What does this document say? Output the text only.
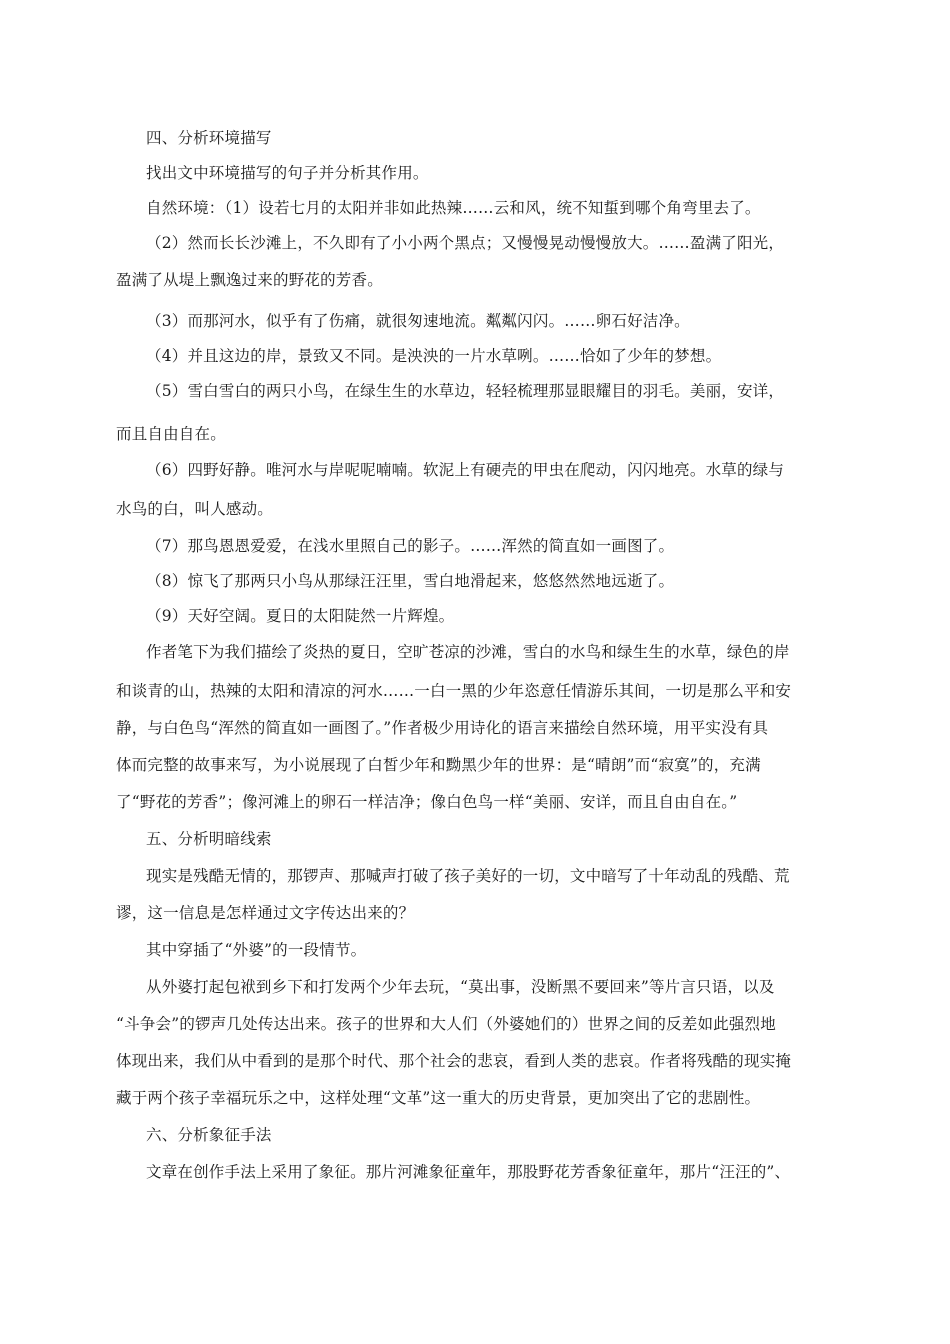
四、分析环境描写
找出文中环境描写的句子并分析其作用。
自然环境：（1）设若七月的太阳并非如此热辣……云和风，统不知蜇到哪个角弯里去了。
（2）然而长长沙滩上，不久即有了小小两个黑点；又慢慢晃动慢慢放大。……盈满了阳光，
盈满了从堤上飘逸过来的野花的芳香。
（3）而那河水，似乎有了伤痛，就很匆速地流。粼粼闪闪。……卵石好洁净。
（4）并且这边的岸，景致又不同。是泱泱的一片水草咧。……恰如了少年的梦想。
（5）雪白雪白的两只小鸟，在绿生生的水草边，轻轻梳理那显眼耀目的羽毛。美丽，安详，
而且自由自在。
（6）四野好静。唯河水与岸呢呢喃喃。软泥上有硬壳的甲虫在爬动，闪闪地亮。水草的绿与
水鸟的白，叫人感动。
（7）那鸟恩恩爱爱，在浅水里照自己的影子。……浑然的简直如一画图了。
（8）惊飞了那两只小鸟从那绿汪汪里，雪白地滑起来，悠悠然然地远逝了。
（9）天好空阔。夏日的太阳陡然一片辉煌。
作者笔下为我们描绘了炎热的夏日，空旷苍凉的沙滩，雪白的水鸟和绿生生的水草，绿色的岸
和谈青的山，热辣的太阳和清凉的河水……一白一黑的少年恣意任情游乐其间，一切是那么平和安
静，与白色鸟“浑然的简直如一画图了。”作者极少用诗化的语言来描绘自然环境，用平实没有具
体而完整的故事来写，为小说展现了白皙少年和黝黑少年的世界：是“晴朗”而“寂寞”的，充满
了“野花的芳香”；像河滩上的卵石一样洁净；像白色鸟一样“美丽、安详，而且自由自在。”
五、分析明暗线索
现实是残酷无情的，那锣声、那喊声打破了孩子美好的一切，文中暗写了十年动乱的残酷、荒
谬，这一信息是怎样通过文字传达出来的？
其中穿插了“外婆”的一段情节。
从外婆打起包袱到乡下和打发两个少年去玩，“莫出事，没断黑不要回来”等片言只语，以及
“斗争会”的锣声几处传达出来。孩子的世界和大人们（外婆她们的）世界之间的反差如此强烈地
体现出来，我们从中看到的是那个时代、那个社会的悲哀，看到人类的悲哀。作者将残酷的现实掩
藏于两个孩子幸福玩乐之中，这样处理“文革”这一重大的历史背景，更加突出了它的悲剧性。
六、分析象征手法
文章在创作手法上采用了象征。那片河滩象征童年，那股野花芳香象征童年，那片“汪汪的”、
